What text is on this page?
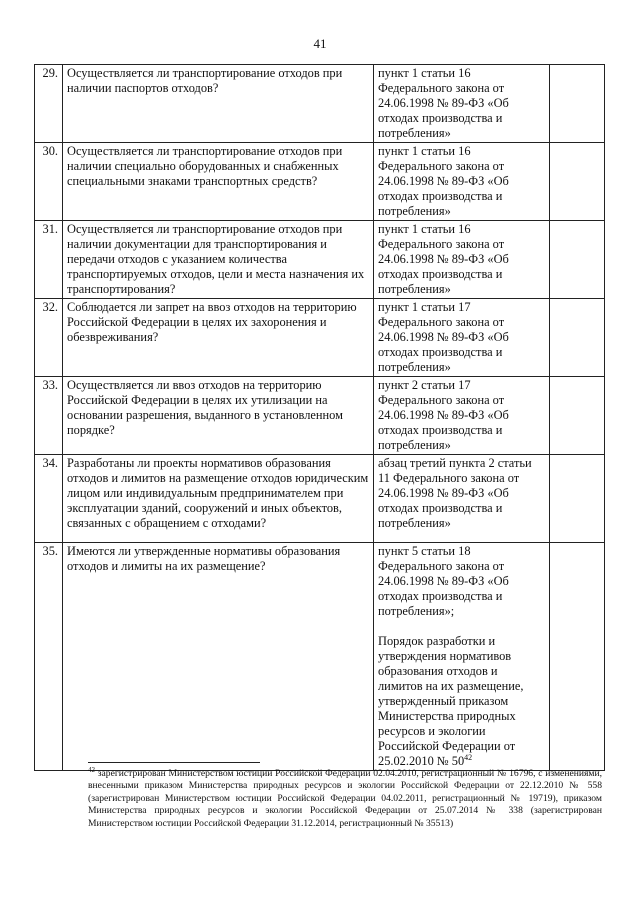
41
29.	Осуществляется ли транспортирование отходов при наличии паспортов отходов?	пункт 1 статьи 16 Федерального закона от 24.06.1998 № 89-ФЗ «Об отходах производства и потребления»	

30.	Осуществляется ли транспортирование отходов при наличии специально оборудованных и снабженных специальными знаками транспортных средств?	пункт 1 статьи 16 Федерального закона от 24.06.1998 № 89-ФЗ «Об отходах производства и потребления»	

31.	Осуществляется ли транспортирование отходов при наличии документации для транспортирования и передачи отходов с указанием количества транспортируемых отходов, цели и места назначения их транспортирования?	пункт 1 статьи 16 Федерального закона от 24.06.1998 № 89-ФЗ «Об отходах производства и потребления»	

32.	Соблюдается ли запрет на ввоз отходов на территорию Российской Федерации в целях их захоронения и обезвреживания?	пункт 1 статьи 17 Федерального закона от 24.06.1998 № 89-ФЗ «Об отходах производства и потребления»	

33.	Осуществляется ли ввоз отходов на территорию Российской Федерации в целях их утилизации на основании разрешения, выданного в установленном порядке?	пункт 2 статьи 17 Федерального закона от 24.06.1998 № 89-ФЗ «Об отходах производства и потребления»	

34.	Разработаны ли проекты нормативов образования отходов и лимитов на размещение отходов юридическим лицом или индивидуальным предпринимателем при эксплуатации зданий, сооружений и иных объектов, связанных с обращением с отходами?	абзац третий пункта 2 статьи 11 Федерального закона от 24.06.1998 № 89-ФЗ «Об отходах производства и потребления»	

35.	Имеются ли утвержденные нормативы образования отходов и лимиты на их размещение?	пункт 5 статьи 18 Федерального закона от 24.06.1998 № 89-ФЗ «Об отходах производства и потребления»;
Порядок разработки и утверждения нормативов образования отходов и лимитов на их размещение, утвержденный приказом Министерства природных ресурсов и экологии Российской Федерации от 25.02.2010 № $50^{42}$

$^{42}$ зарегистрирован Министерством юстиции Российской Федерации 02.04.2010, регистрационный № 16796, с изменениями, внесенными приказом Министерства природных ресурсов и экологии Российской Федерации от 22.12.2010 № 558 (зарегистрирован Министерством юстиции Российской Федерации 04.02.2011, регистрационный № 19719), приказом Министерства природных ресурсов и экологии Российской Федерации от 25.07.2014 № 338 (зарегистрирован Министерством юстиции Российской Федерации 31.12.2014, регистрационный № 35513)
